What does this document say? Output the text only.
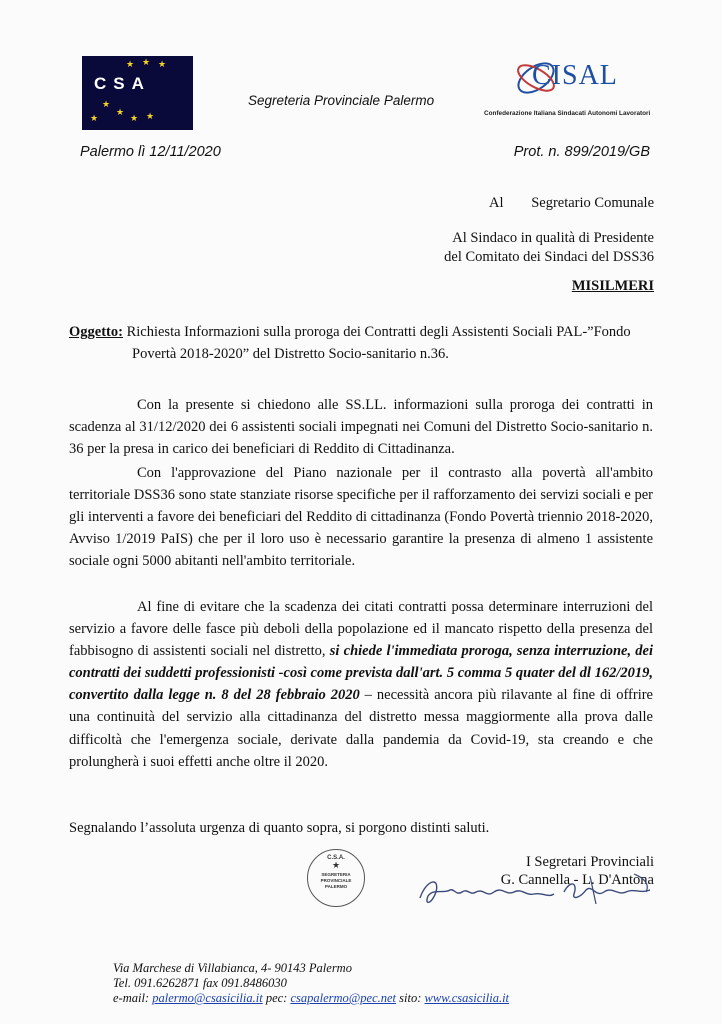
CSA
★ ★ ★
★
★
★ ★
★
Segreteria Provinciale Palermo
CISAL
Confederazione Italiana Sindacati Autonomi Lavoratori
Palermo lì 12/11/2020	Prot. n. 899/2019/GB
Al Segretario Comunale
Al Sindaco in qualità di Presidente
del Comitato dei Sindaci del DSS36
MISILMERI
Oggetto: Richiesta Informazioni sulla proroga dei Contratti degli Assistenti Sociali PAL-”Fondo
Povertà 2018-2020” del Distretto Socio-sanitario n.36.
Con la presente si chiedono alle SS.LL. informazioni sulla proroga dei contratti in scadenza al 31/12/2020 dei 6 assistenti sociali impegnati nei Comuni del Distretto Socio-sanitario n. 36 per la presa in carico dei beneficiari di Reddito di Cittadinanza.
Con l'approvazione del Piano nazionale per il contrasto alla povertà all'ambito territoriale DSS36 sono state stanziate risorse specifiche per il rafforzamento dei servizi sociali e per gli interventi a favore dei beneficiari del Reddito di cittadinanza (Fondo Povertà triennio 2018-2020, Avviso 1/2019 PaIS) che per il loro uso è necessario garantire la presenza di almeno 1 assistente sociale ogni 5000 abitanti nell'ambito territoriale.
Al fine di evitare che la scadenza dei citati contratti possa determinare interruzioni del servizio a favore delle fasce più deboli della popolazione ed il mancato rispetto della presenza del fabbisogno di assistenti sociali nel distretto, si chiede l'immediata proroga, senza interruzione, dei contratti dei suddetti professionisti -così come prevista dall'art. 5 comma 5 quater del dl 162/2019, convertito dalla legge n. 8 del 28 febbraio 2020 – necessità ancora più rilavante al fine di offrire una continuità del servizio alla cittadinanza del distretto messa maggiormente alla prova dalle difficoltà che l'emergenza sociale, derivate dalla pandemia da Covid-19, sta creando e che prolungherà i suoi effetti anche oltre il 2020.
Segnalando l’assoluta urgenza di quanto sopra, si porgono distinti saluti.
I Segretari Provinciali
G. Cannella - L. D'Antona
C.S.A.
★
SEGRETERIA
PROVINCIALE
PALERMO
Via Marchese di Villabianca, 4- 90143 Palermo
Tel. 091.6262871 fax 091.8486030
e-mail: palermo@csasicilia.it pec: csapalermo@pec.net sito: www.csasicilia.it
